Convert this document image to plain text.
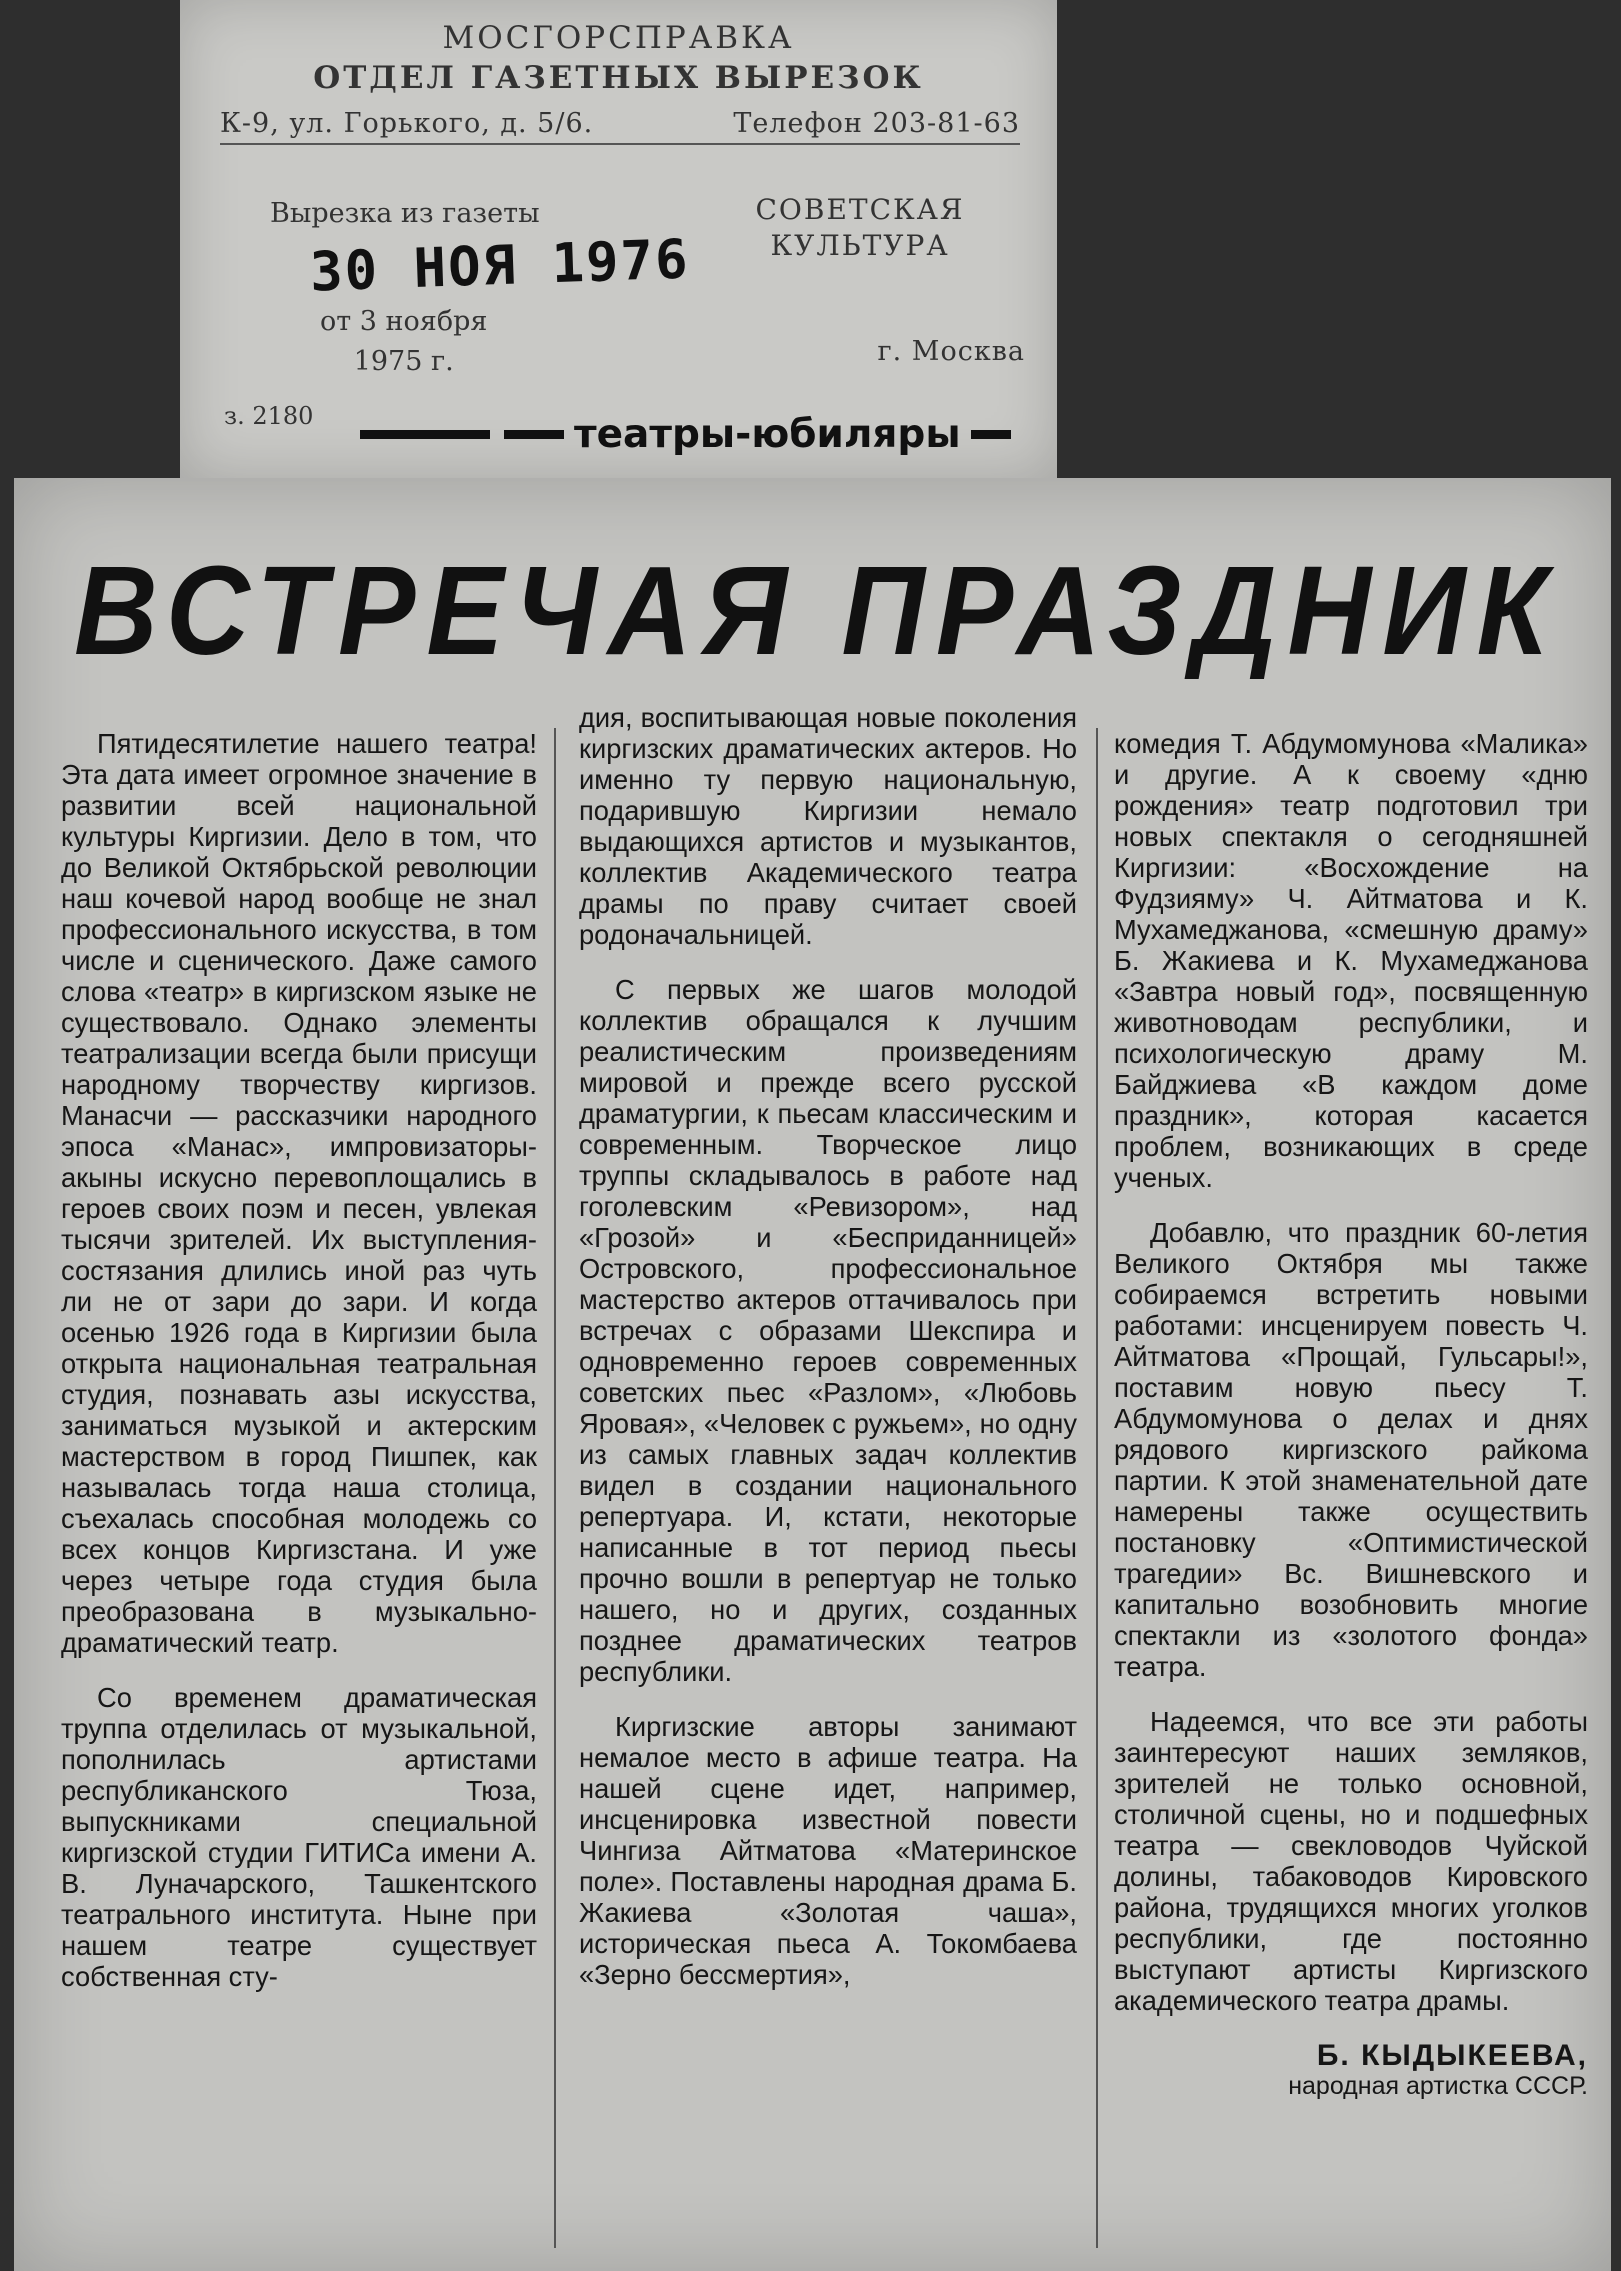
МОСГОРСПРАВКА
ОТДЕЛ ГАЗЕТНЫХ ВЫРЕЗОК
К-9, ул. Горького, д. 5/6.	Телефон 203-81-63
Вырезка из газеты
30 НОЯ 1976
от 3 ноября
1975 г.
СОВЕТСКАЯ КУЛЬТУРА
г. Москва
з. 2180	театры-юбиляры
ВСТРЕЧАЯ ПРАЗДНИК

Пятидесятилетие нашего театра! Эта дата имеет огромное значение в развитии всей национальной культуры Киргизии. Дело в том, что до Великой Октябрьской революции наш кочевой народ вообще не знал профессионального искусства, в том числе и сценического. Даже самого слова «театр» в киргизском языке не существовало. Однако элементы театрализации всегда были присущи народному творчеству киргизов. Манасчи — рассказчики народного эпоса «Манас», импровизаторы-акыны искусно перевоплощались в героев своих поэм и песен, увлекая тысячи зрителей. Их выступления-состязания длились иной раз чуть ли не от зари до зари. И когда осенью 1926 года в Киргизии была открыта национальная театральная студия, познавать азы искусства, заниматься музыкой и актерским мастерством в город Пишпек, как называлась тогда наша столица, съехалась способная молодежь со всех концов Киргизстана. И уже через четыре года студия была преобразована в музыкально-драматический театр.

Со временем драматическая труппа отделилась от музыкальной, пополнилась артистами республиканского Тюза, выпускниками специальной киргизской студии ГИТИСа имени А. В. Луначарского, Ташкентского театрального института. Ныне при нашем театре существует собственная сту-

дия, воспитывающая новые поколения киргизских драматических актеров. Но именно ту первую национальную, подарившую Киргизии немало выдающихся артистов и музыкантов, коллектив Академического театра драмы по праву считает своей родоначальницей.

С первых же шагов молодой коллектив обращался к лучшим реалистическим произведениям мировой и прежде всего русской драматургии, к пьесам классическим и современным. Творческое лицо труппы складывалось в работе над гоголевским «Ревизором», над «Грозой» и «Бесприданницей» Островского, профессиональное мастерство актеров оттачивалось при встречах с образами Шекспира и одновременно героев современных советских пьес «Разлом», «Любовь Яровая», «Человек с ружьем», но одну из самых главных задач коллектив видел в создании национального репертуара. И, кстати, некоторые написанные в тот период пьесы прочно вошли в репертуар не только нашего, но и других, созданных позднее драматических театров республики.

Киргизские авторы занимают немалое место в афише театра. На нашей сцене идет, например, инсценировка известной повести Чингиза Айтматова «Материнское поле». Поставлены народная драма Б. Жакиева «Золотая чаша», историческая пьеса А. Токомбаева «Зерно бессмертия»,

комедия Т. Абдумомунова «Малика» и другие. А к своему «дню рождения» театр подготовил три новых спектакля о сегодняшней Киргизии: «Восхождение на Фудзияму» Ч. Айтматова и К. Мухамеджанова, «смешную драму» Б. Жакиева и К. Мухамеджанова «Завтра новый год», посвященную животноводам республики, и психологическую драму М. Байджиева «В каждом доме праздник», которая касается проблем, возникающих в среде ученых.

Добавлю, что праздник 60-летия Великого Октября мы также собираемся встретить новыми работами: инсценируем повесть Ч. Айтматова «Прощай, Гульсары!», поставим новую пьесу Т. Абдумомунова о делах и днях рядового киргизского райкома партии. К этой знаменательной дате намерены также осуществить постановку «Оптимистической трагедии» Вс. Вишневского и капитально возобновить многие спектакли из «золотого фонда» театра.

Надеемся, что все эти работы заинтересуют наших земляков, зрителей не только основной, столичной сцены, но и подшефных театра — свекловодов Чуйской долины, табаководов Кировского района, трудящихся многих уголков республики, где постоянно выступают артисты Киргизского академического театра драмы.

Б. КЫДЫКЕЕВА,
народная артистка СССР.
